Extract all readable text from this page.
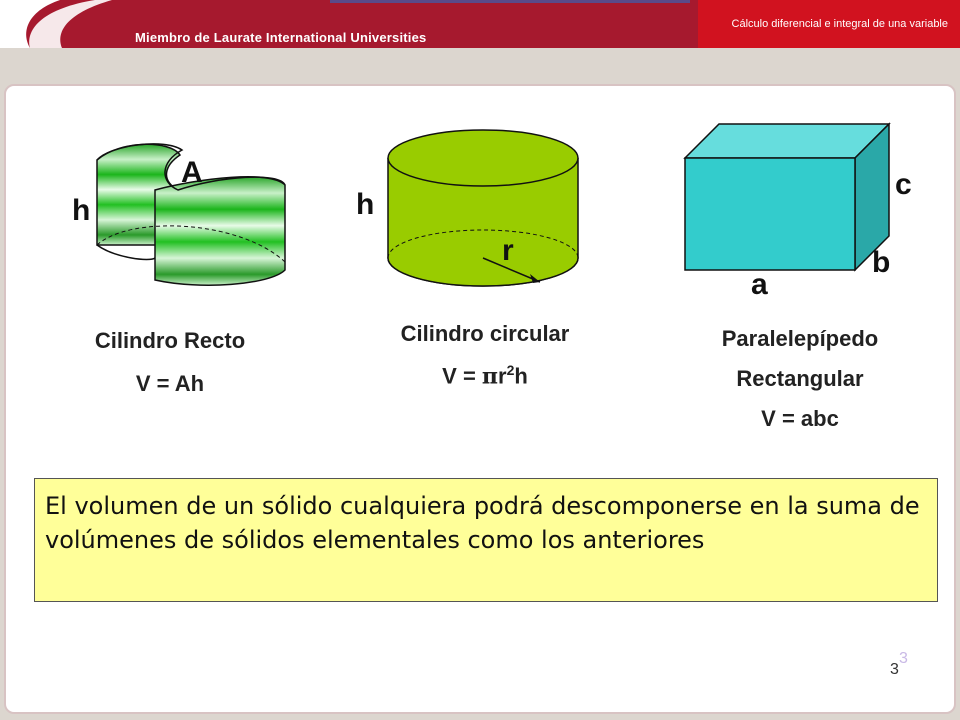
Miembro de Laurate International Universities
Cálculo diferencial e integral de una variable
A
h
Cilindro Recto
V = Ah
h
r
Cilindro circular
$V = \pi r^2h$
c
b
a
Paralelepípedo
Rectangular
V = abc
El volumen de un sólido cualquiera podrá descomponerse en la suma de volúmenes de sólidos elementales como los anteriores
3
3
